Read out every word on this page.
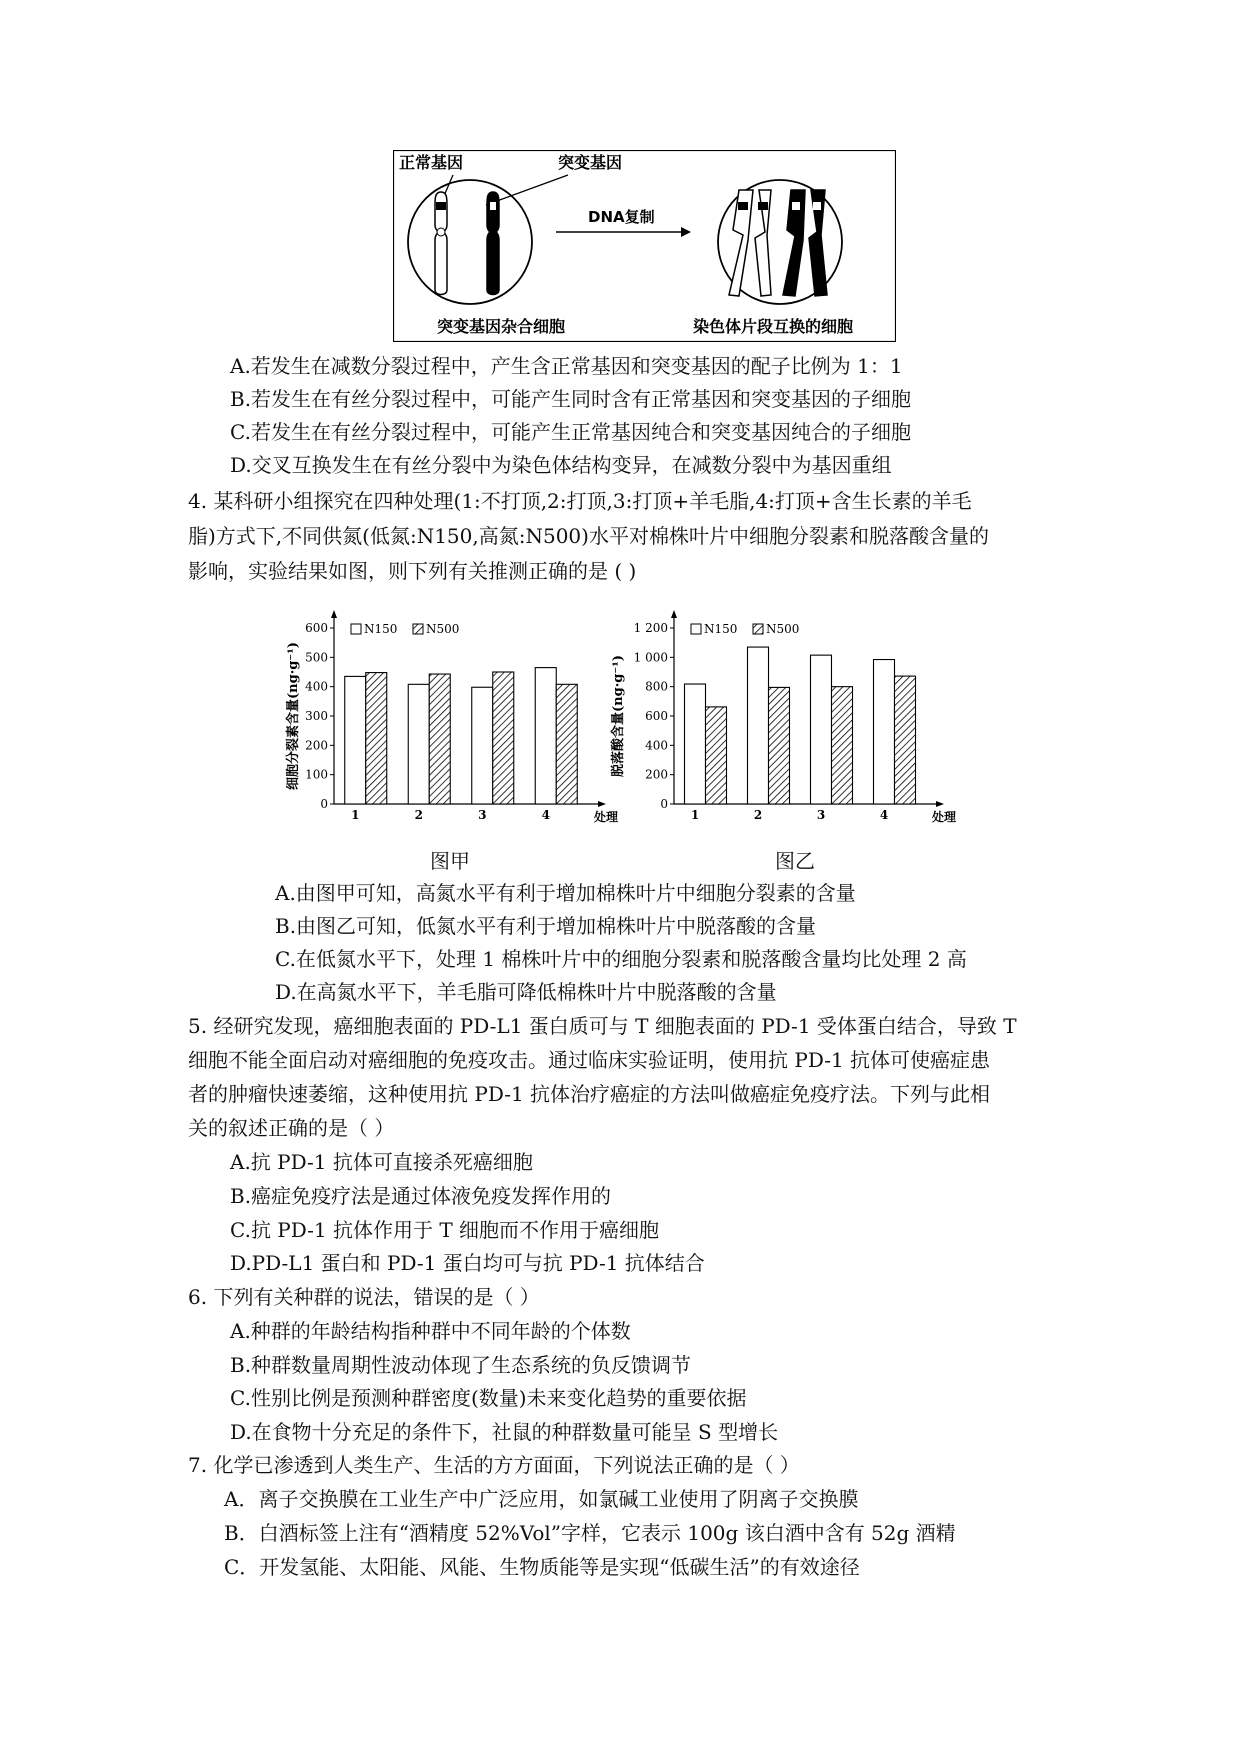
正常基因	突变基因
DNA复制
突变基因杂合细胞	染色体片段互换的细胞
A.若发生在减数分裂过程中，产生含正常基因和突变基因的配子比例为 1：1
B.若发生在有丝分裂过程中，可能产生同时含有正常基因和突变基因的子细胞
C.若发生在有丝分裂过程中，可能产生正常基因纯合和突变基因纯合的子细胞
D.交叉互换发生在有丝分裂中为染色体结构变异，在减数分裂中为基因重组
4. 某科研小组探究在四种处理(1:不打顶,2:打顶,3:打顶+羊毛脂,4:打顶+含生长素的羊毛
脂)方式下,不同供氮(低氮:N150,高氮:N500)水平对棉株叶片中细胞分裂素和脱落酸含量的
影响，实验结果如图，则下列有关推测正确的是 ( )
细胞分裂素含量(ng·g⁻¹)
0
100
200
300
400
500
600
1	2	3	4	处理
N150 N500
脱落酸含量(ng·g⁻¹)
0
200
400
600
800
1 000
1 200
1	2	3	4	处理
N150 N500
图甲	图乙
A.由图甲可知，高氮水平有利于增加棉株叶片中细胞分裂素的含量
B.由图乙可知，低氮水平有利于增加棉株叶片中脱落酸的含量
C.在低氮水平下，处理 1 棉株叶片中的细胞分裂素和脱落酸含量均比处理 2 高
D.在高氮水平下，羊毛脂可降低棉株叶片中脱落酸的含量
5. 经研究发现，癌细胞表面的 PD-L1 蛋白质可与 T 细胞表面的 PD-1 受体蛋白结合，导致 T
细胞不能全面启动对癌细胞的免疫攻击。通过临床实验证明，使用抗 PD-1 抗体可使癌症患
者的肿瘤快速萎缩，这种使用抗 PD-1 抗体治疗癌症的方法叫做癌症免疫疗法。下列与此相
关的叙述正确的是（ ）
A.抗 PD-1 抗体可直接杀死癌细胞
B.癌症免疫疗法是通过体液免疫发挥作用的
C.抗 PD-1 抗体作用于 T 细胞而不作用于癌细胞
D.PD-L1 蛋白和 PD-1 蛋白均可与抗 PD-1 抗体结合
6. 下列有关种群的说法，错误的是（ ）
A.种群的年龄结构指种群中不同年龄的个体数
B.种群数量周期性波动体现了生态系统的负反馈调节
C.性别比例是预测种群密度(数量)未来变化趋势的重要依据
D.在食物十分充足的条件下，社鼠的种群数量可能呈 S 型增长
7. 化学已渗透到人类生产、生活的方方面面，下列说法正确的是（ ）
A．离子交换膜在工业生产中广泛应用，如氯碱工业使用了阴离子交换膜
B．白酒标签上注有“酒精度 52%Vol”字样，它表示 100g 该白酒中含有 52g 酒精
C．开发氢能、太阳能、风能、生物质能等是实现“低碳生活”的有效途径
